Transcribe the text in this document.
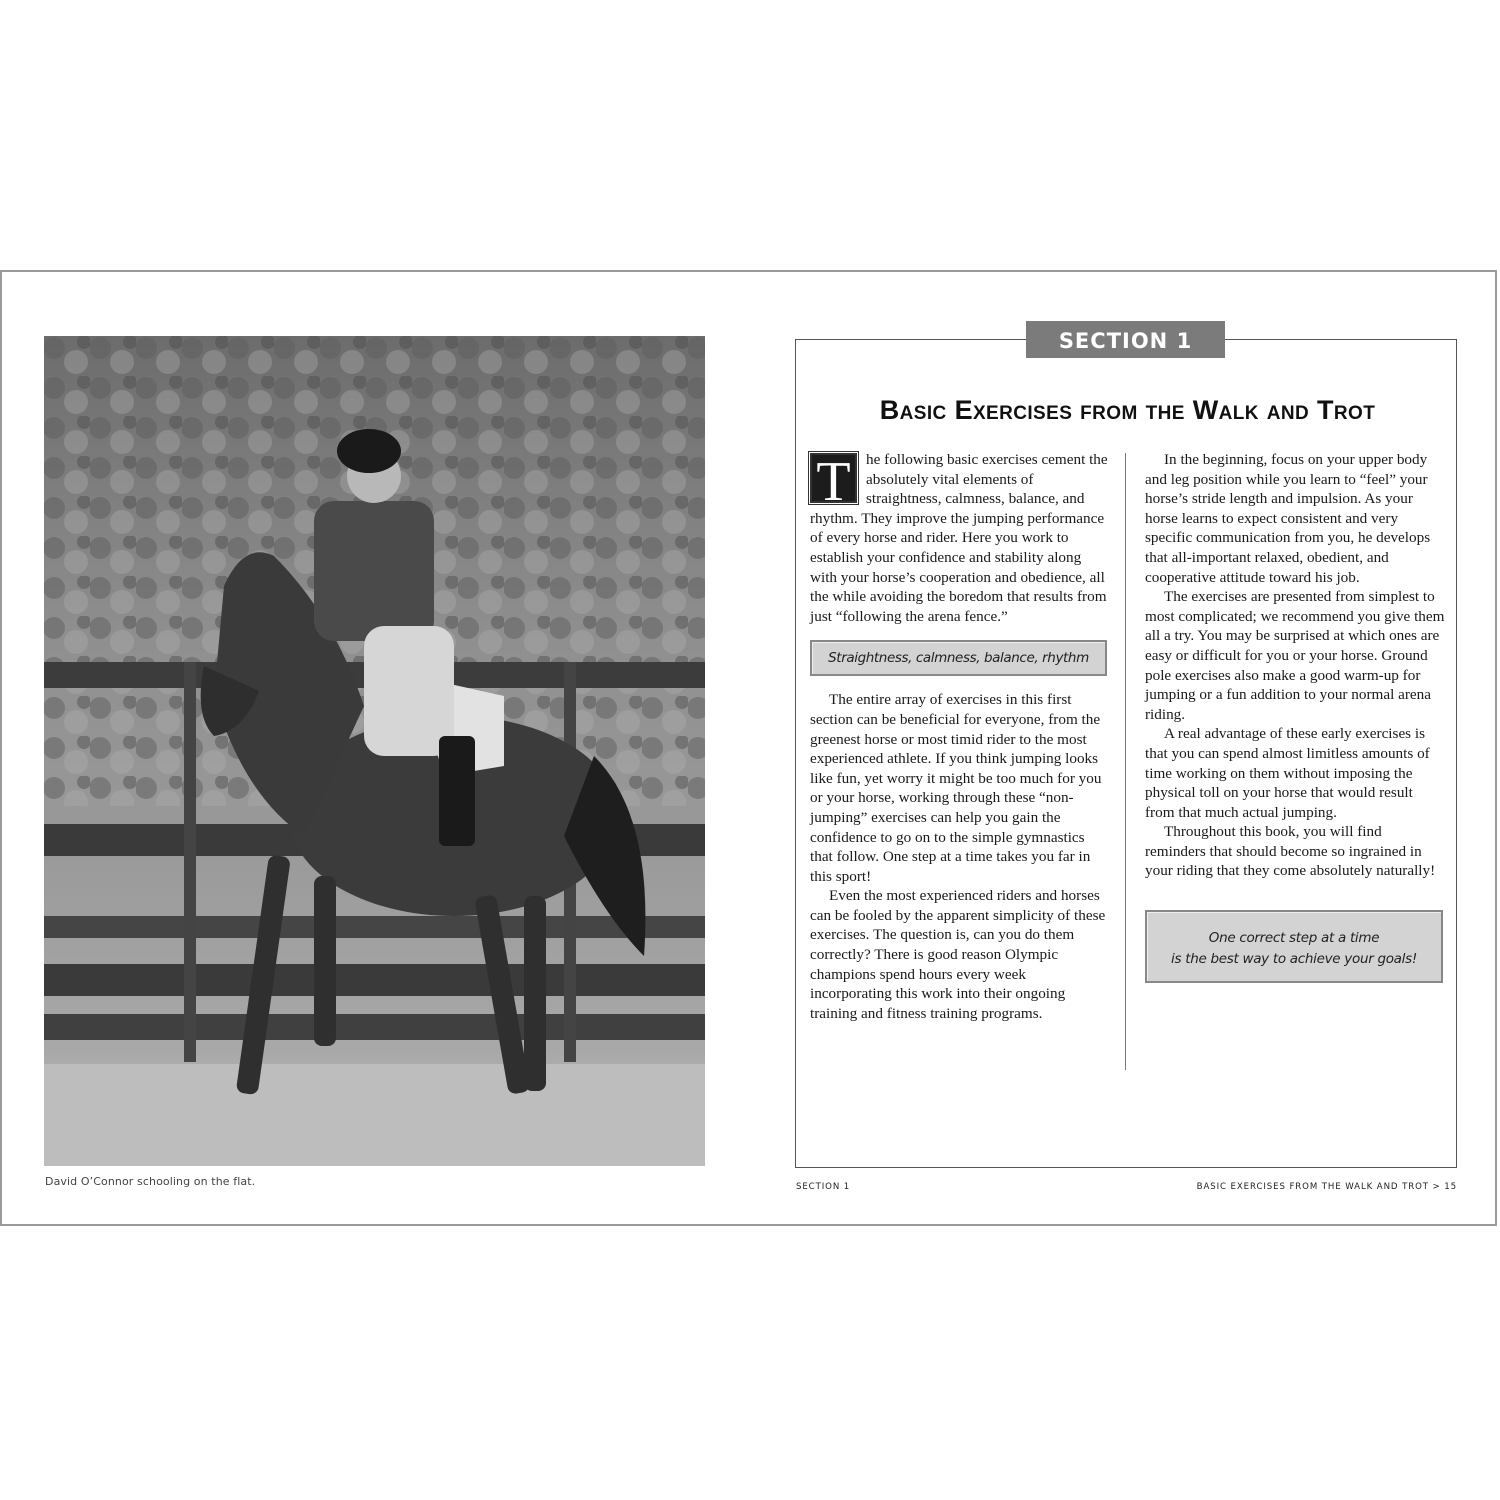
David O’Connor schooling on the flat.
SECTION 1
Basic Exercises from the Walk and Trot

T	he following basic exercises cement the absolutely vital elements of straightness, calmness, balance, and rhythm. They improve the jumping performance of every horse and rider. Here you work to establish your confidence and stability along with your horse’s cooperation and obedience, all the while avoiding the boredom that results from just “following the arena fence.”

Straightness, calmness, balance, rhythm

The entire array of exercises in this first section can be beneficial for everyone, from the greenest horse or most timid rider to the most experienced athlete. If you think jumping looks like fun, yet worry it might be too much for you or your horse, working through these “non-jumping” exercises can help you gain the confidence to go on to the simple gymnastics that follow. One step at a time takes you far in this sport!

Even the most experienced riders and horses can be fooled by the apparent simplicity of these exercises. The question is, can you do them correctly? There is good reason Olympic champions spend hours every week incorporating this work into their ongoing training and fitness training programs.

In the beginning, focus on your upper body and leg position while you learn to “feel” your horse’s stride length and impulsion. As your horse learns to expect consistent and very specific communication from you, he develops that all-important relaxed, obedient, and cooperative attitude toward his job.

The exercises are presented from simplest to most complicated; we recommend you give them all a try. You may be surprised at which ones are easy or difficult for you or your horse. Ground pole exercises also make a good warm-up for jumping or a fun addition to your normal arena riding.

A real advantage of these early exercises is that you can spend almost limitless amounts of time working on them without imposing the physical toll on your horse that would result from that much actual jumping.

Throughout this book, you will find reminders that should become so ingrained in your riding that they come absolutely naturally!

One correct step at a time
is the best way to achieve your goals!
SECTION 1	BASIC EXERCISES FROM THE WALK AND TROT > 15
